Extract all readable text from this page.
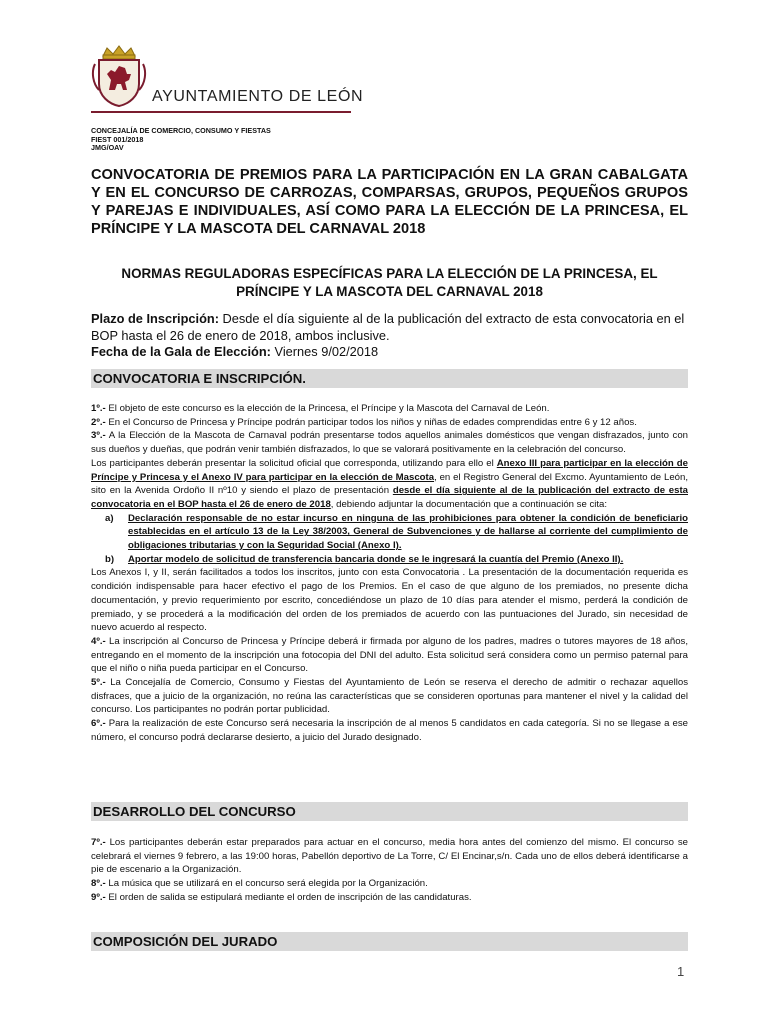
AYUNTAMIENTO DE LEÓN
CONCEJALÍA DE COMERCIO, CONSUMO Y FIESTAS
FIEST 001/2018
JMG/OAV
CONVOCATORIA DE PREMIOS PARA LA PARTICIPACIÓN EN LA GRAN CABALGATA Y EN EL CONCURSO DE CARROZAS, COMPARSAS, GRUPOS, PEQUEÑOS GRUPOS Y PAREJAS E INDIVIDUALES, ASÍ COMO PARA LA ELECCIÓN DE LA PRINCESA, EL PRÍNCIPE Y LA MASCOTA DEL CARNAVAL 2018
NORMAS REGULADORAS ESPECÍFICAS PARA LA ELECCIÓN DE LA PRINCESA, EL PRÍNCIPE Y LA MASCOTA DEL CARNAVAL 2018
Plazo de Inscripción: Desde el día siguiente al de la publicación del extracto de esta convocatoria en el BOP hasta el 26 de enero de 2018, ambos inclusive.
Fecha de la Gala de Elección: Viernes 9/02/2018
CONVOCATORIA E INSCRIPCIÓN.

1º.- El objeto de este concurso es la elección de la Princesa, el Príncipe y la Mascota del Carnaval de León.

2º.- En el Concurso de Princesa y Príncipe podrán participar todos los niños y niñas de edades comprendidas entre 6 y 12 años.

3º.- A la Elección de la Mascota de Carnaval podrán presentarse todos aquellos animales domésticos que vengan disfrazados, junto con sus dueños y dueñas, que podrán venir también disfrazados, lo que se valorará positivamente en la celebración del concurso.

Los participantes deberán presentar la solicitud oficial que corresponda, utilizando para ello el Anexo III para participar en la elección de Príncipe y Princesa y el Anexo IV para participar en la elección de Mascota, en el Registro General del Excmo. Ayuntamiento de León, sito en la Avenida Ordoño II nº10 y siendo el plazo de presentación desde el día siguiente al de la publicación del extracto de esta convocatoria en el BOP hasta el 26 de enero de 2018, debiendo adjuntar la documentación que a continuación se cita:

a)	Declaración responsable de no estar incurso en ninguna de las prohibiciones para obtener la condición de beneficiario establecidas en el artículo 13 de la Ley 38/2003, General de Subvenciones y de hallarse al corriente del cumplimiento de obligaciones tributarias y con la Seguridad Social (Anexo I).
b)	Aportar modelo de solicitud de transferencia bancaria donde se le ingresará la cuantía del Premio (Anexo II).

Los Anexos I, y II, serán facilitados a todos los inscritos, junto con esta Convocatoria . La presentación de la documentación requerida es condición indispensable para hacer efectivo el pago de los Premios. En el caso de que alguno de los premiados, no presente dicha documentación, y previo requerimiento por escrito, concediéndose un plazo de 10 días para atender el mismo, perderá la condición de premiado, y se procederá a la modificación del orden de los premiados de acuerdo con las puntuaciones del Jurado, sin necesidad de nuevo acuerdo al respecto.

4º.- La inscripción al Concurso de Princesa y Príncipe deberá ir firmada por alguno de los padres, madres o tutores mayores de 18 años, entregando en el momento de la inscripción una fotocopia del DNI del adulto. Esta solicitud será considera como un permiso paternal para que el niño o niña pueda participar en el Concurso.

5º.- La Concejalía de Comercio, Consumo y Fiestas del Ayuntamiento de León se reserva el derecho de admitir o rechazar aquellos disfraces, que a juicio de la organización, no reúna las características que se consideren oportunas para mantener el nivel y la calidad del concurso. Los participantes no podrán portar publicidad.

6º.- Para la realización de este Concurso será necesaria la inscripción de al menos 5 candidatos en cada categoría. Si no se llegase a ese número, el concurso podrá declararse desierto, a juicio del Jurado designado.

DESARROLLO DEL CONCURSO

7º.- Los participantes deberán estar preparados para actuar en el concurso, media hora antes del comienzo del mismo. El concurso se celebrará el viernes 9 febrero, a las 19:00 horas, Pabellón deportivo de La Torre, C/ El Encinar,s/n. Cada uno de ellos deberá identificarse a pie de escenario a la Organización.

8º.- La música que se utilizará en el concurso será elegida por la Organización.

9º.- El orden de salida se estipulará mediante el orden de inscripción de las candidaturas.

COMPOSICIÓN DEL JURADO
1
